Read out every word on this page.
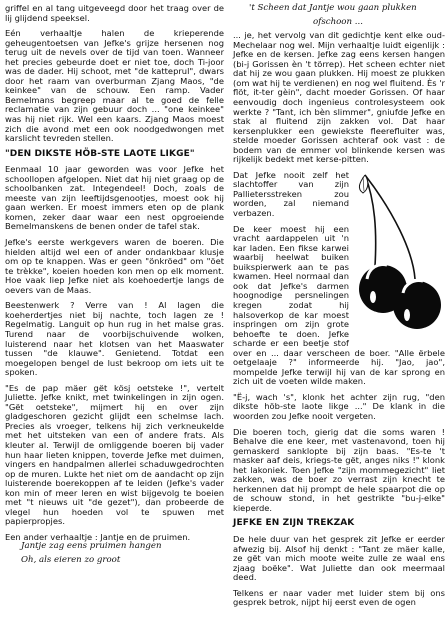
griffel en al tang uitgeveegd door het traag over de lij glijdend speeksel.

Eén verhaaltje halen de krieperende geheugentoetsen van Jefke's grijze hersenen nog terug uit de nevels over de tijd van toen. Wanneer het precies gebeurde doet er niet toe, doch Ti-joor was de dader. Hij schoot, met "de katteprul", dwars door het raam van overburman Zjang Maos, "de keinkee" van de schouw. Een ramp. Vader Bemelmans begreep maar al te goed de felle reclamatie van zijn gebuur doch ... "one keinkee" was hij niet rijk. Wel een kaars. Zjang Maos moest zich die avond met een ook noodgedwongen met karslicht tevreden stellen.

"DEN DIKSTE HÖB-STE LAOTE LIKGE"

Eenmaal 10 jaar geworden was voor Jefke het schoollopen afgelopen. Niet dat hij niet graag op de schoolbanken zat. Integendeel! Doch, zoals de meeste van zijn leeftijdsgenootjes, moest ook hij gaan werken. Er moest immers eten op de plank komen, zeker daar waar een nest opgroeiende Bemelmanskens de benen onder de tafel stak.

Jefke's eerste werkgevers waren de boeren. Die hielden altijd wel een of ander ondankbaar klusje om op te knappen. Was er geen "önkröed" om "öet te trèkke", koeien hoeden kon men op elk moment. Hoe vaak liep Jefke niet als koehoedertje langs de oevers van de Maas.

Beestenwerk ? Verre van ! Al lagen die koeherdertjes niet bij nachte, toch lagen ze ! Regelmatig. Languit op hun rug in het malse gras. Turend naar de voorbijschuivende wolken, luisterend naar het klotsen van het Maaswater tussen "de klauwe". Genietend. Totdat een moegelopen bengel de lust bekroop om iets uit te spoken.

"Es de pap mäer gët kösj oetsteke !", vertelt Juliette. Jefke knikt, met twinkelingen in zijn ogen. "Gët oetsteke", mijmert hij en over zijn gladgeschoren gezicht glijdt een schelmse lach. Precies als vroeger, telkens hij zich verkneukelde met het uitsteken van een of andere frats. Als kleuter al. Terwijl de omliggende boeren bij vader hun haar lieten knippen, toverde Jefke met duimen, vingers en handpalmen allerlei schaduwgedrochten op de muren. Lukte het niet om de aandacht op zijn luisterende boerekoppen af te leiden (Jefke's vader kon min of meer leren en wist bijgevolg te boeien met "t nieuws uit "de gezet"), dan probeerde de vlegel hun hoeden vol te spuwen met papierpropjes.

Een ander verhaaltje : Jantje en de pruimen.

Jantje zag eens pruimen hangen
Oh, als eieren zo groot
't Scheen dat Jantje wou gaan plukken
ofschoon ...

... je, het vervolg van dit gedichtje kent elke oud-Mechelaar nog wel. Mijn verhaaltje luidt eigenlijk : Jefke en de kersen. Jefke zag eens kersen hangen (bi-j Gorissen èn 't törrep). Het scheen echter niet dat hij ze wou gaan plukken. Hij moest ze plukken (om wat hij te verdienen) en nog wel fluitend. Ès 'r flöt, it-ter gèin", dacht moeder Gorissen. Of haar eenvoudig doch ingenieus controlesysteem ook werkte ? "Tant, ich bèn slimmer", gniufde Jefke en stak al fluitend zijn zakken vol. Dat haar kersenplukker een gewiekste fleerefluiter was, stelde moeder Gorissen achteraf ook vast : de bodem van de emmer vol blinkende kersen was rijkelijk bedekt met kerse-pitten.

Dat Jefke nooit zelf het slachtoffer van zijn Pallietersstreken zou worden, zal niemand verbazen.

De keer moest hij een vracht aardappelen uit 'n kar laden. Een fikse karwei waarbij heelwat buiken buikspierwerk aan te pas kwamen. Heel normaal dan ook dat Jefke's darmen hoognodige persnelingen kregen zodat hij halsoverkop de kar moest inspringen om zijn grote behoefte te doen. Jefke scharde er een beetje stof over en ... daar verscheen de boer. "Alle ërbele oetgelaaje ?" informeerde hij. "Jao, jao", mompelde Jefke terwijl hij van de kar sprong en zich uit de voeten wilde maken.

"Ë-j, wach 's", klonk het achter zijn rug, "den dikste höb-ste laote likge ..." De klank in die woorden zou Jefke nooit vergeten.

Die boeren toch, gierig dat die soms waren ! Behalve die ene keer, met vastenavond, toen hij gemaskerd sanklopte bij zijn baas. "Es-te 't masker aaf deis, kriegs-te gët, anges niks !" klonk het lakoniek. Toen Jefke "zijn mommegezicht" liet zakken, was de boer zo verrast zijn knecht te herkennen dat hij prompt de hele spaarpot die op de schouw stond, in het gestrikte "bu-j-elke" kieperde.

JEFKE EN ZIJN TREKZAK

De hele duur van het gesprek zit Jefke er eerder afwezig bij. Alsof hij denkt : "Tant ze mäer kalle, ze gët van mich moote weite zulle ze waal ens zjaag boëke". Wat Juliette dan ook meermaal deed.

Telkens er naar vader met luider stem bij ons gesprek betrok, nijpt hij eerst even de ogen
